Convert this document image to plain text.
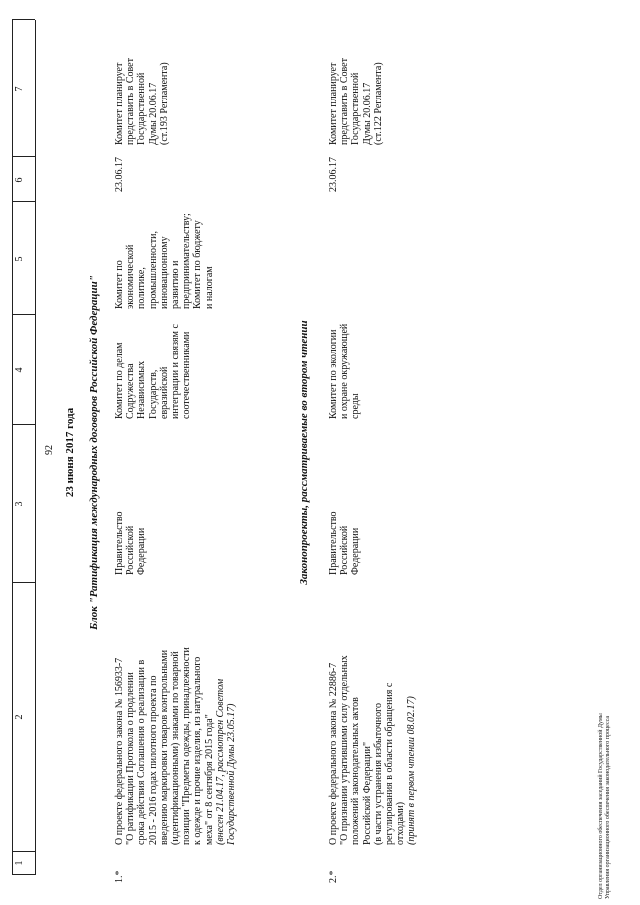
1
2
3
4
5
6
7
92 23 июня 2017 года Блок "Ратификация международных договоров Российской Федерации"
1.*
О проекте федерального закона № 156933-7 "О ратификации Протокола о продлении срока действия Соглашения о реализации в 2015 - 2016 годах пилотного проекта по введению маркировки товаров контрольными (идентификационными) знаками по товарной позиции "Предметы одежды, принадлежности к одежде и прочие изделия, из натурального меха" от 8 сентября 2015 года" (внесен 21.04.17, рассмотрен Советом Государственной Думы 23.05.17)
Правительство Российской Федерации
Комитет по делам Содружества Независимых Государств, евразийской интеграции и связям с соотечественниками
Комитет по экономической политике, промышленности, инновационному развитию и предпринимательству; Комитет по бюджету и налогам
23.06.17
Комитет планирует представить в Совет Государственной Думы 20.06.17 (ст.193 Регламента)
Законопроекты, рассматриваемые во втором чтении
2.*
О проекте федерального закона № 22886-7 "О признании утратившими силу отдельных положений законодательных актов Российской Федерации" (в части устранения избыточного регулирования в области обращения с отходами) (принят в первом чтении 08.02.17)
Правительство Российской Федерации
Комитет по экологии и охране окружающей среды
23.06.17
Комитет планирует представить в Совет Государственной Думы 20.06.17 (ст.122 Регламента)
Отдел организационного обеспечения заседаний Государственной Думы Управления организационного обеспечения законодательного процесса
